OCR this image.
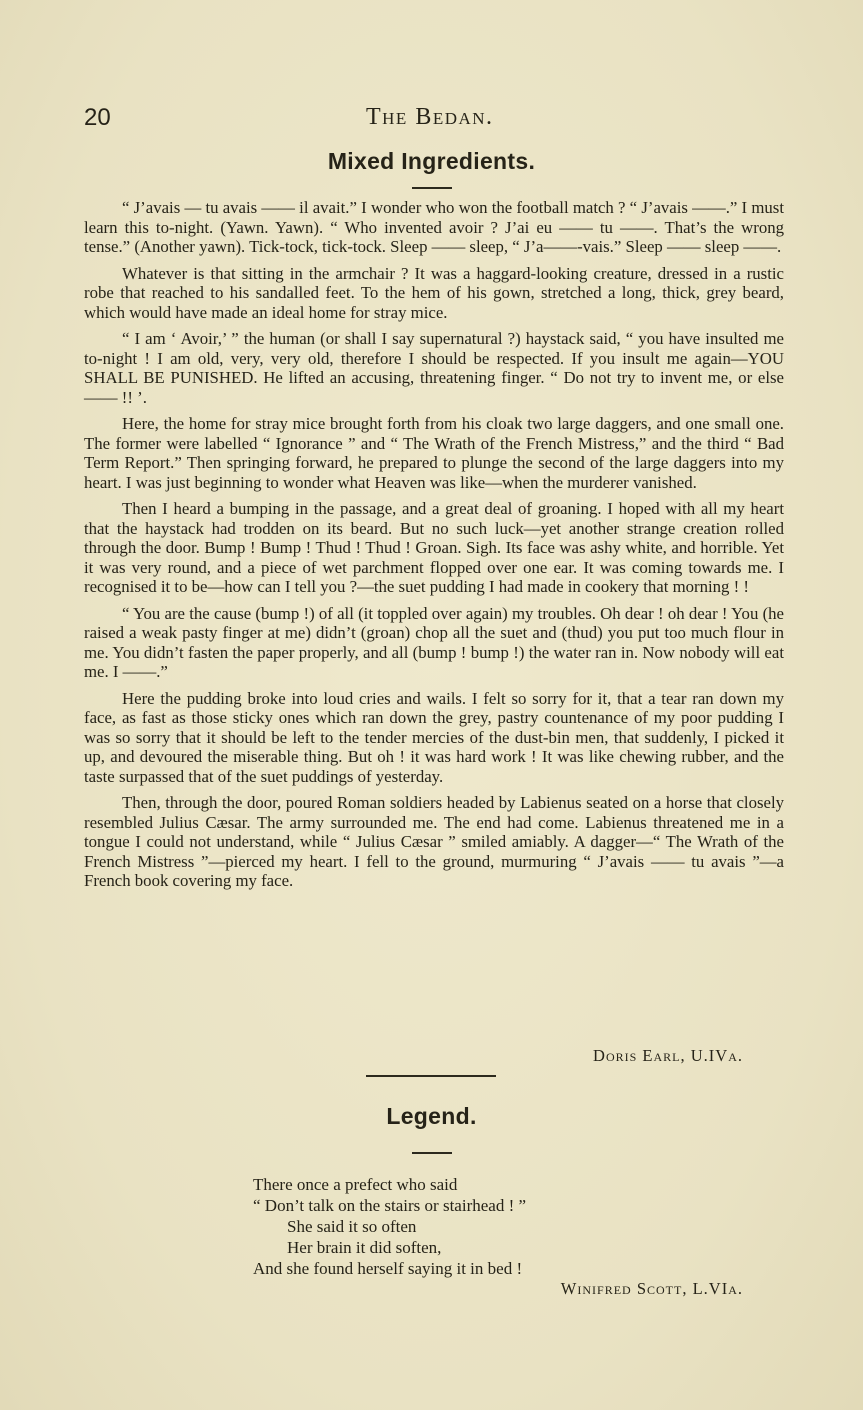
20	The Bedan.
Mixed Ingredients.

“ J’avais — tu avais —— il avait.” I wonder who won the football match ? “ J’avais ——.” I must learn this to-night. (Yawn. Yawn). “ Who invented avoir ? J’ai eu —— tu ——. That’s the wrong tense.” (Another yawn). Tick-tock, tick-tock. Sleep —— sleep, “ J’a——-vais.” Sleep —— sleep ——.

Whatever is that sitting in the armchair ? It was a haggard-looking creature, dressed in a rustic robe that reached to his sandalled feet. To the hem of his gown, stretched a long, thick, grey beard, which would have made an ideal home for stray mice.

“ I am ‘ Avoir,’ ” the human (or shall I say supernatural ?) haystack said, “ you have insulted me to-night ! I am old, very, very old, therefore I should be respected. If you insult me again—YOU SHALL BE PUNISHED. He lifted an accusing, threatening finger. “ Do not try to invent me, or else —— !! ’.

Here, the home for stray mice brought forth from his cloak two large daggers, and one small one. The former were labelled “ Ignorance ” and “ The Wrath of the French Mistress,” and the third “ Bad Term Report.” Then springing forward, he prepared to plunge the second of the large daggers into my heart. I was just beginning to wonder what Heaven was like—when the murderer vanished.

Then I heard a bumping in the passage, and a great deal of groaning. I hoped with all my heart that the haystack had trodden on its beard. But no such luck—yet another strange creation rolled through the door. Bump ! Bump ! Thud ! Thud ! Groan. Sigh. Its face was ashy white, and horrible. Yet it was very round, and a piece of wet parchment flopped over one ear. It was coming towards me. I recognised it to be—how can I tell you ?—the suet pudding I had made in cookery that morning ! !

“ You are the cause (bump !) of all (it toppled over again) my troubles. Oh dear ! oh dear ! You (he raised a weak pasty finger at me) didn’t (groan) chop all the suet and (thud) you put too much flour in me. You didn’t fasten the paper properly, and all (bump ! bump !) the water ran in. Now nobody will eat me. I ——.”

Here the pudding broke into loud cries and wails. I felt so sorry for it, that a tear ran down my face, as fast as those sticky ones which ran down the grey, pastry countenance of my poor pudding I was so sorry that it should be left to the tender mercies of the dust-bin men, that suddenly, I picked it up, and devoured the miserable thing. But oh ! it was hard work ! It was like chewing rubber, and the taste surpassed that of the suet puddings of yesterday.

Then, through the door, poured Roman soldiers headed by Labienus seated on a horse that closely resembled Julius Cæsar. The army surrounded me. The end had come. Labienus threatened me in a tongue I could not understand, while “ Julius Cæsar ” smiled amiably. A dagger—“ The Wrath of the French Mistress ”—pierced my heart. I fell to the ground, murmuring “ J’avais —— tu avais ”—a French book covering my face.

Doris Earl, U.IVa.
Legend.
There once a prefect who said
“ Don’t talk on the stairs or stairhead ! ”
She said it so often
Her brain it did soften,
And she found herself saying it in bed !
Winifred Scott, L.VIa.
